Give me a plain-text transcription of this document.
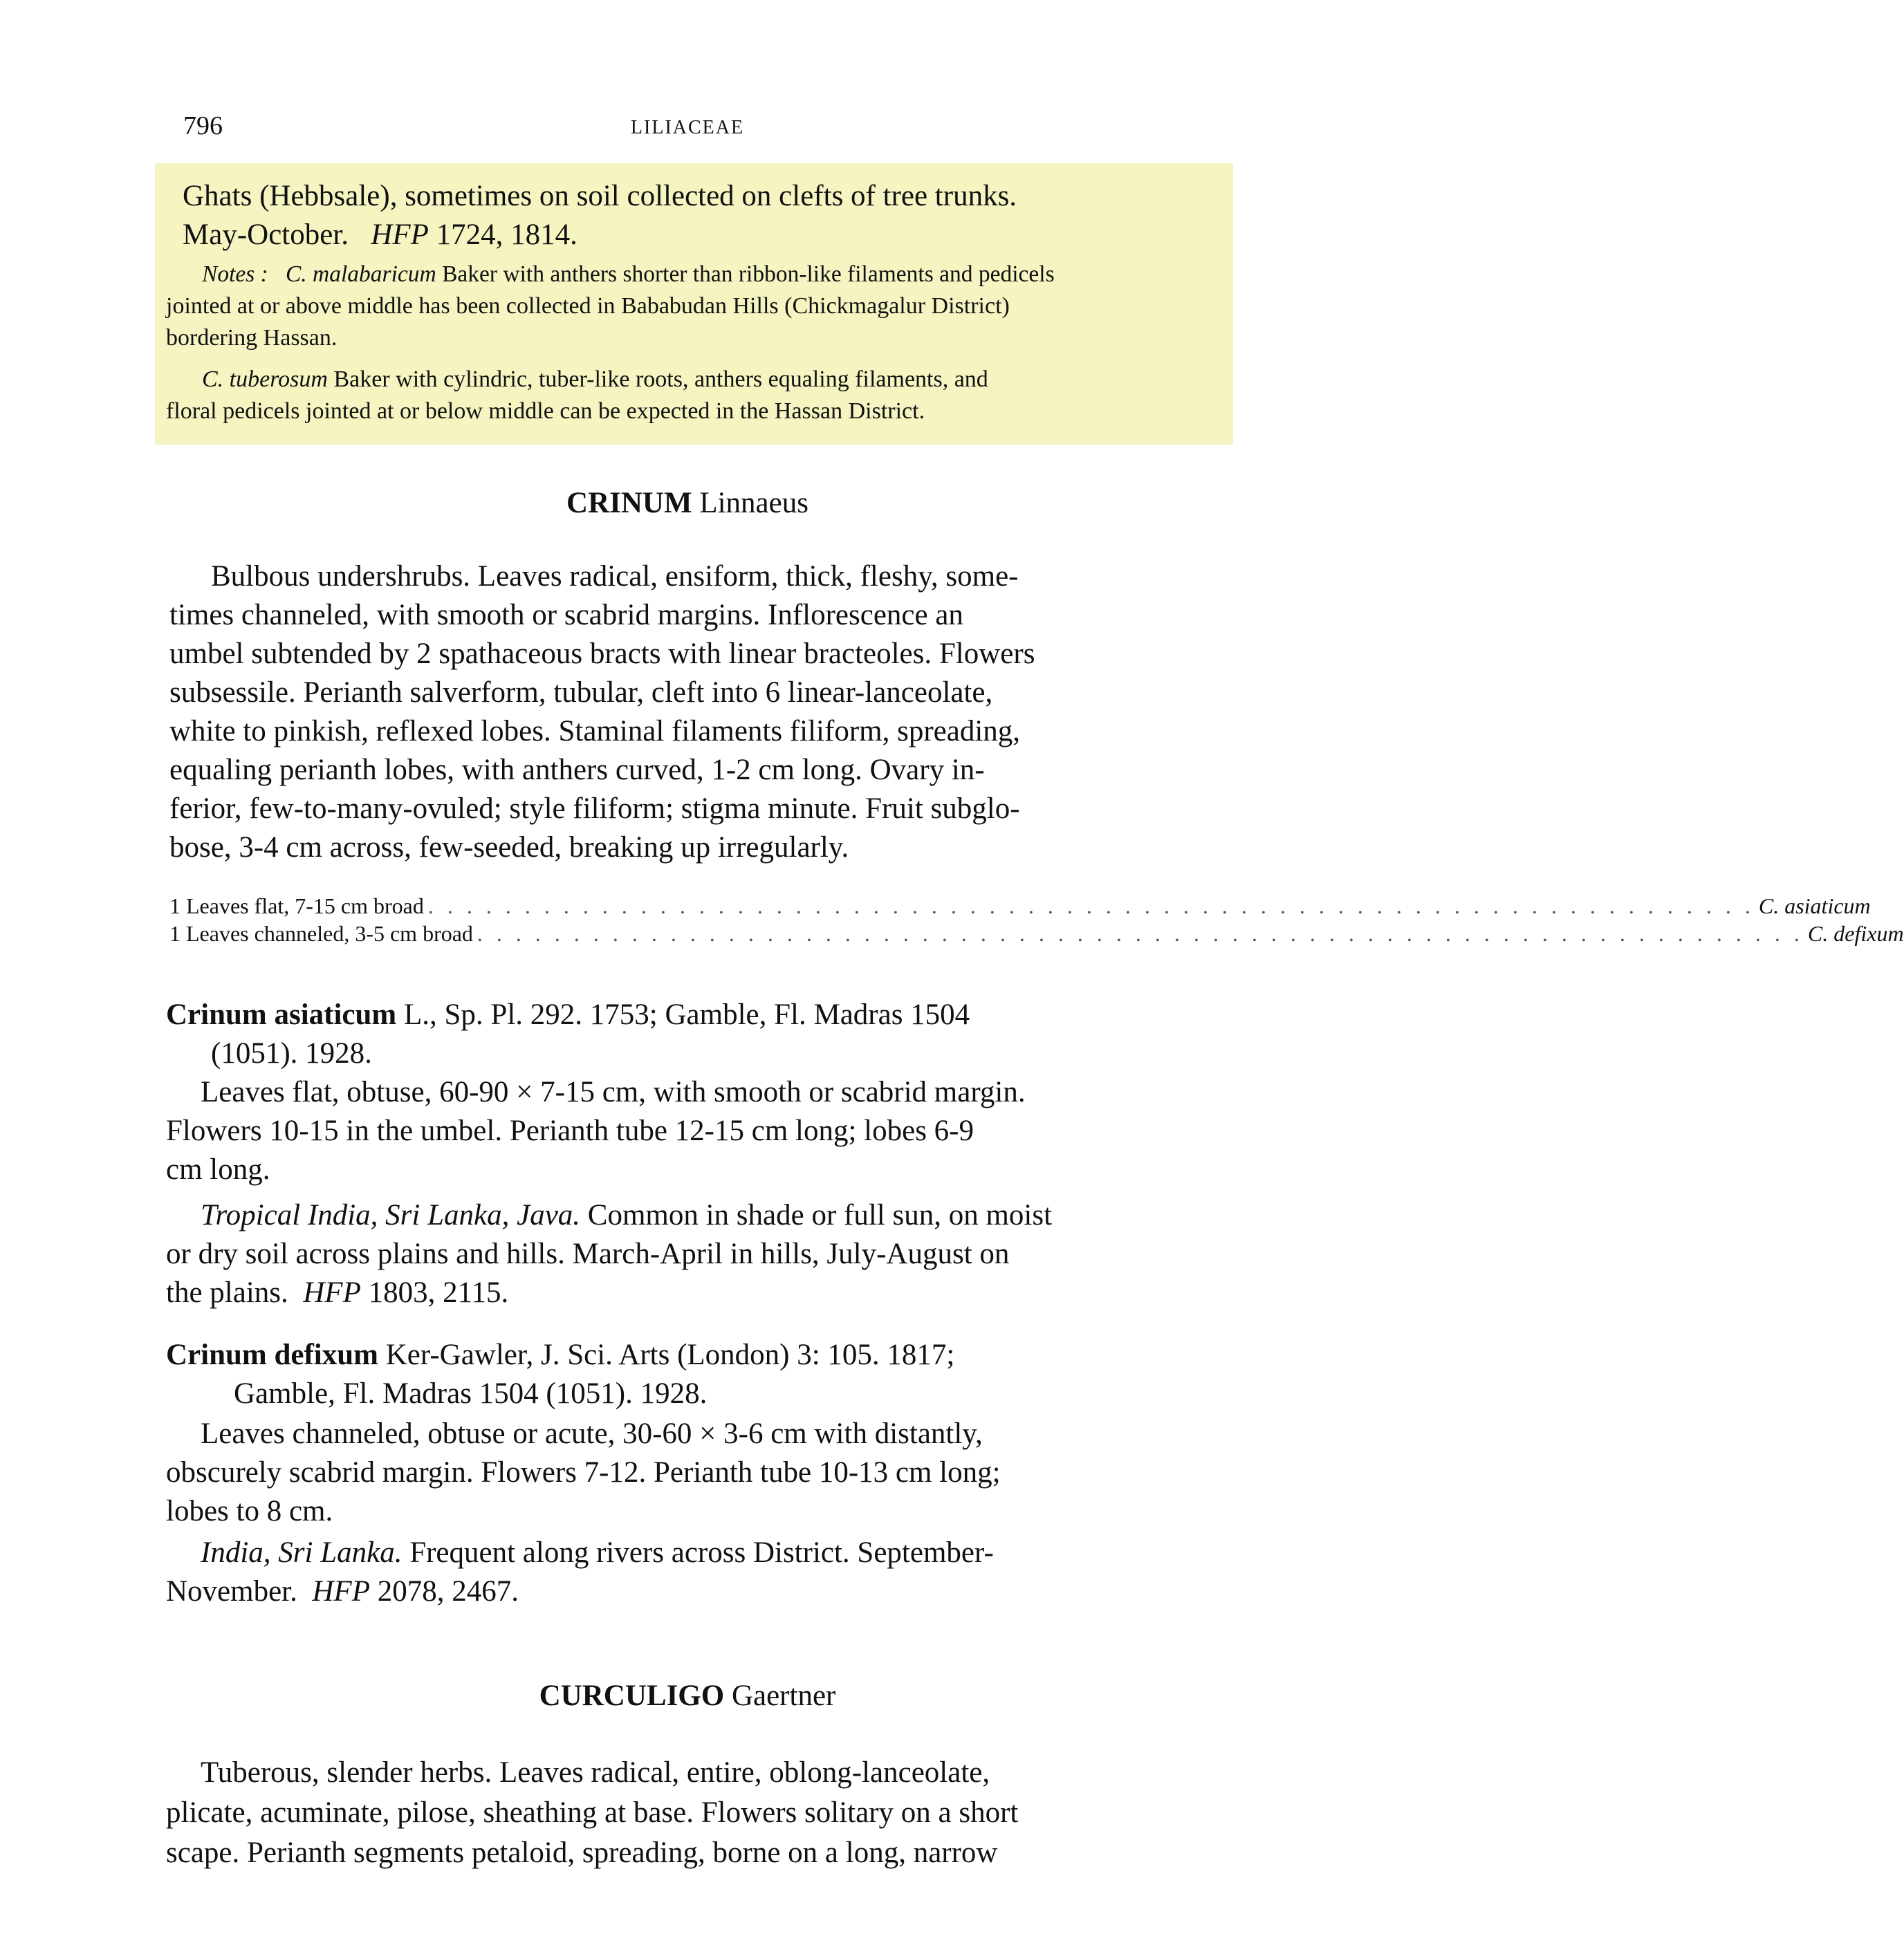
796	LILIACEAE
Ghats (Hebbsale), sometimes on soil collected on clefts of tree trunks.
May-October. HFP 1724, 1814.
Notes : C. malabaricum Baker with anthers shorter than ribbon-like filaments and pedicels
jointed at or above middle has been collected in Bababudan Hills (Chickmagalur District)
bordering Hassan.
C. tuberosum Baker with cylindric, tuber-like roots, anthers equaling filaments, and
floral pedicels jointed at or below middle can be expected in the Hassan District.
CRINUM Linnaeus
Bulbous undershrubs. Leaves radical, ensiform, thick, fleshy, some-
times channeled, with smooth or scabrid margins. Inflorescence an
umbel subtended by 2 spathaceous bracts with linear bracteoles. Flowers
subsessile. Perianth salverform, tubular, cleft into 6 linear-lanceolate,
white to pinkish, reflexed lobes. Staminal filaments filiform, spreading,
equaling perianth lobes, with anthers curved, 1-2 cm long. Ovary in-
ferior, few-to-many-ovuled; style filiform; stigma minute. Fruit subglo-
bose, 3-4 cm across, few-seeded, breaking up irregularly.
1 Leaves flat, 7-15 cm broad . . . . . . . . . . . . . . . . . . . . . . . . . . . . . . . . . . . . . . . . . . . . . . . . . . . . . . . . . . . . . . . . . . . . . C. asiaticum
1 Leaves channeled, 3-5 cm broad . . . . . . . . . . . . . . . . . . . . . . . . . . . . . . . . . . . . . . . . . . . . . . . . . . . . . . . . . . . . . . . . . . . . . C. defixum
Crinum asiaticum L., Sp. Pl. 292. 1753; Gamble, Fl. Madras 1504
(1051). 1928.
Leaves flat, obtuse, 60-90 × 7-15 cm, with smooth or scabrid margin.
Flowers 10-15 in the umbel. Perianth tube 12-15 cm long; lobes 6-9
cm long.
Tropical India, Sri Lanka, Java. Common in shade or full sun, on moist
or dry soil across plains and hills. March-April in hills, July-August on
the plains. HFP 1803, 2115.
Crinum defixum Ker-Gawler, J. Sci. Arts (London) 3: 105. 1817;
Gamble, Fl. Madras 1504 (1051). 1928.
Leaves channeled, obtuse or acute, 30-60 × 3-6 cm with distantly,
obscurely scabrid margin. Flowers 7-12. Perianth tube 10-13 cm long;
lobes to 8 cm.
India, Sri Lanka. Frequent along rivers across District. September-
November. HFP 2078, 2467.
CURCULIGO Gaertner
Tuberous, slender herbs. Leaves radical, entire, oblong-lanceolate,
plicate, acuminate, pilose, sheathing at base. Flowers solitary on a short
scape. Perianth segments petaloid, spreading, borne on a long, narrow
